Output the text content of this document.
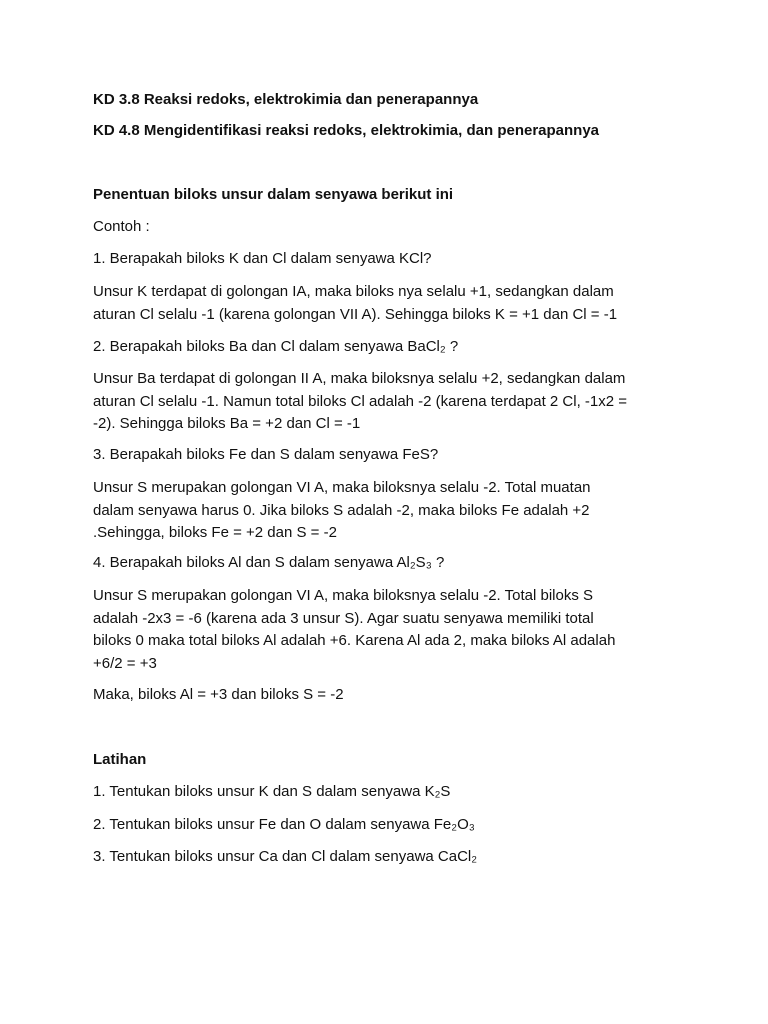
KD 3.8 Reaksi redoks, elektrokimia dan penerapannya
KD 4.8 Mengidentifikasi reaksi redoks, elektrokimia, dan penerapannya
Penentuan biloks unsur dalam senyawa berikut ini
Contoh :
1. Berapakah biloks K dan Cl dalam senyawa KCl?
Unsur K terdapat di golongan IA, maka biloks nya selalu +1, sedangkan dalam
aturan Cl selalu -1 (karena golongan VII A). Sehingga biloks K = +1 dan Cl = -1
2. Berapakah biloks Ba dan Cl dalam senyawa BaCl₂ ?
Unsur Ba terdapat di golongan II A, maka biloksnya selalu +2, sedangkan dalam
aturan Cl selalu -1. Namun total biloks Cl adalah -2 (karena terdapat 2 Cl, -1x2 =
-2). Sehingga biloks Ba = +2 dan Cl = -1
3. Berapakah biloks Fe dan S dalam senyawa FeS?
Unsur S merupakan golongan VI A, maka biloksnya selalu -2. Total muatan
dalam senyawa harus 0. Jika biloks S adalah -2, maka biloks Fe adalah +2
.Sehingga, biloks Fe = +2 dan S = -2
4. Berapakah biloks Al dan S dalam senyawa Al₂S₃ ?
Unsur S merupakan golongan VI A, maka biloksnya selalu -2. Total biloks S
adalah -2x3 = -6 (karena ada 3 unsur S). Agar suatu senyawa memiliki total
biloks 0 maka total biloks Al adalah +6. Karena Al ada 2, maka biloks Al adalah
+6/2 = +3
Maka, biloks Al = +3 dan biloks S = -2
Latihan
1. Tentukan biloks unsur K dan S dalam senyawa K₂S
2. Tentukan biloks unsur Fe dan O dalam senyawa Fe₂O₃
3. Tentukan biloks unsur Ca dan Cl dalam senyawa CaCl₂
